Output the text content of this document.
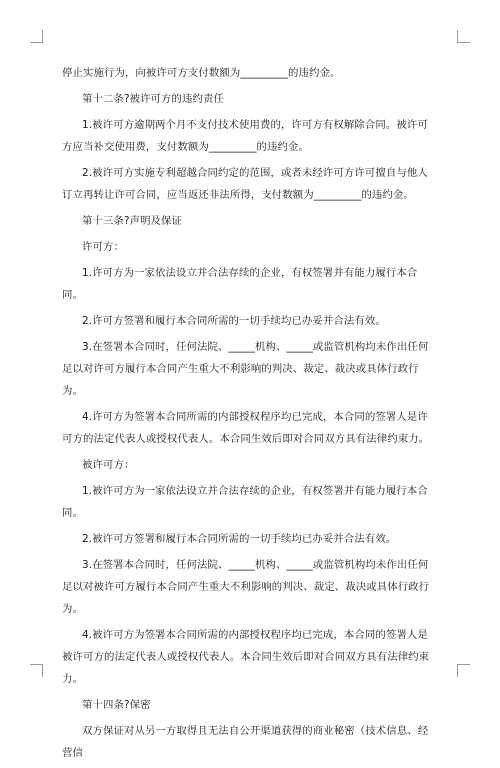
停止实施行为，向被许可方支付数额为_________的违约金。

第十二条?被许可方的违约责任

1.被许可方逾期两个月不支付技术使用费的，许可方有权解除合同。被许可方应当补交使用费，支付数额为_________的违约金。

2.被许可方实施专利超越合同约定的范围，或者未经许可方许可擅自与他人订立再转让许可合同，应当返还非法所得，支付数额为_________的违约金。

第十三条?声明及保证

许可方：

1.许可方为一家依法设立并合法存续的企业，有权签署并有能力履行本合同。

2.许可方签署和履行本合同所需的一切手续均已办妥并合法有效。

3.在签署本合同时，任何法院、_____机构、_____或监管机构均未作出任何足以对许可方履行本合同产生重大不利影响的判决、裁定、裁决或具体行政行为。

4.许可方为签署本合同所需的内部授权程序均已完成，本合同的签署人是许可方的法定代表人或授权代表人。本合同生效后即对合同双方具有法律约束力。

被许可方：

1.被许可方为一家依法设立并合法存续的企业，有权签署并有能力履行本合同。

2.被许可方签署和履行本合同所需的一切手续均已办妥并合法有效。

3.在签署本合同时，任何法院、_____机构、_____或监管机构均未作出任何足以对被许可方履行本合同产生重大不利影响的判决、裁定、裁决或具体行政行为。

4.被许可方为签署本合同所需的内部授权程序均已完成，本合同的签署人是被许可方的法定代表人或授权代表人。本合同生效后即对合同双方具有法律约束力。

第十四条?保密

双方保证对从另一方取得且无法自公开渠道获得的商业秘密（技术信息、经营信
